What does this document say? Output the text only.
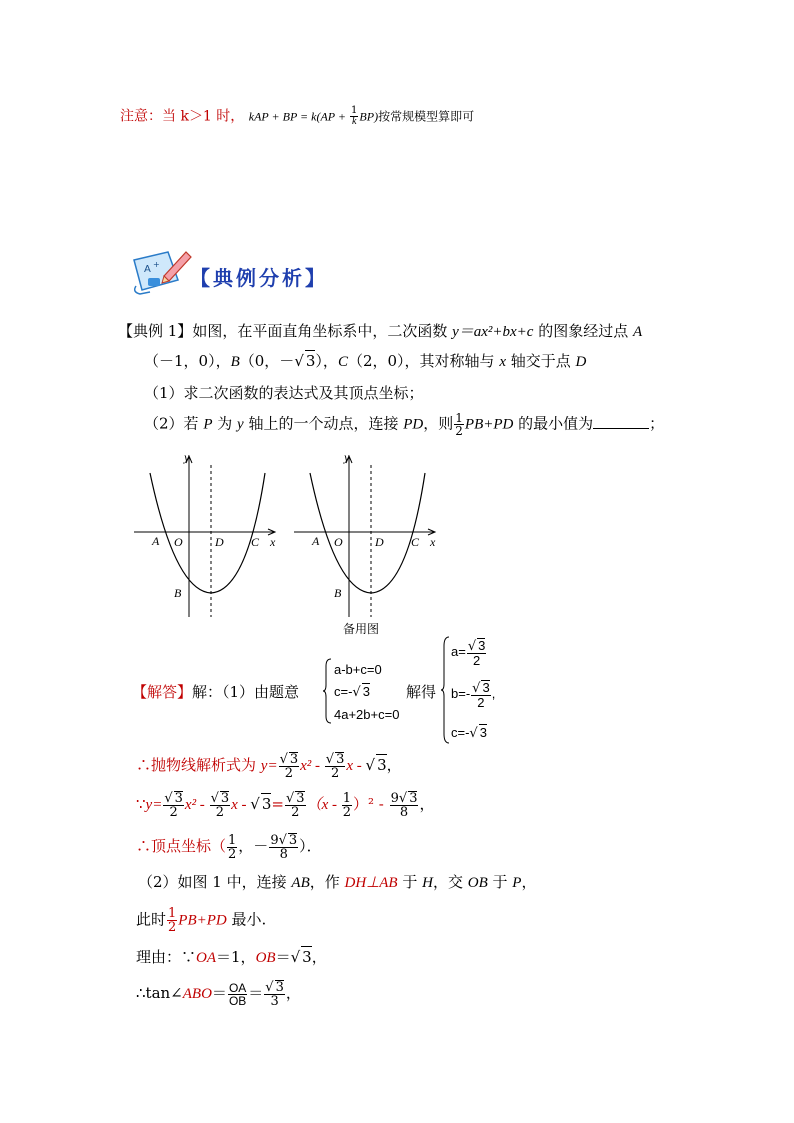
注意：当 k＞1 时， kAP + BP = $k(AP + \frac{1}{k} BP)$按常规模型算即可
A +
【典例分析】
【典例 1】如图，在平面直角坐标系中，二次函数 y＝ax²+bx+c 的图象经过点 A
（－1，0），B（0，－√ 3），C（2，0），其对称轴与 x 轴交于点 D
（1）求二次函数的表达式及其顶点坐标；
（2）若 P 为 y 轴上的一个动点，连接 PD，则 $\frac{1}{2} PB+PD$ 的最小值为	；
y
x
A O	D C
B
y
x
A O	D C
B
备用图
【解答】解：（1）由题意
a-b+c=0
c=-√ 3
4a+2b+c=0
解得
$a= \frac{√ 3}{2}$
$b=- \frac{√ 3}{2}$ ,
c=-√ 3
∴抛物线解析式为 $y= \frac{√ 3}{2} x^2 - \frac{√ 3}{2}$ x - √ 3，
∵y= $\frac{√ 3}{2} x^2 - \frac{√ 3}{2}$ x - √ $3= \frac{√ 3}{2} (x - \frac{1}{2} )^2 - \frac{9√ 3}{8}$ ，
∴顶点坐标（ $\frac{1}{2}$ ，－ $\frac{9√ 3}{8}$ ）．
（2）如图 1 中，连接 AB，作 DH⊥AB 于 H，交 OB 于 P，
此时 $\frac{1}{2} PB+PD$ 最小.
理由：∵OA＝1，OB＝√ 3，
∴tan∠ABO＝ $\frac{OA}{OB} = \frac{√ 3}{3}$ ，
